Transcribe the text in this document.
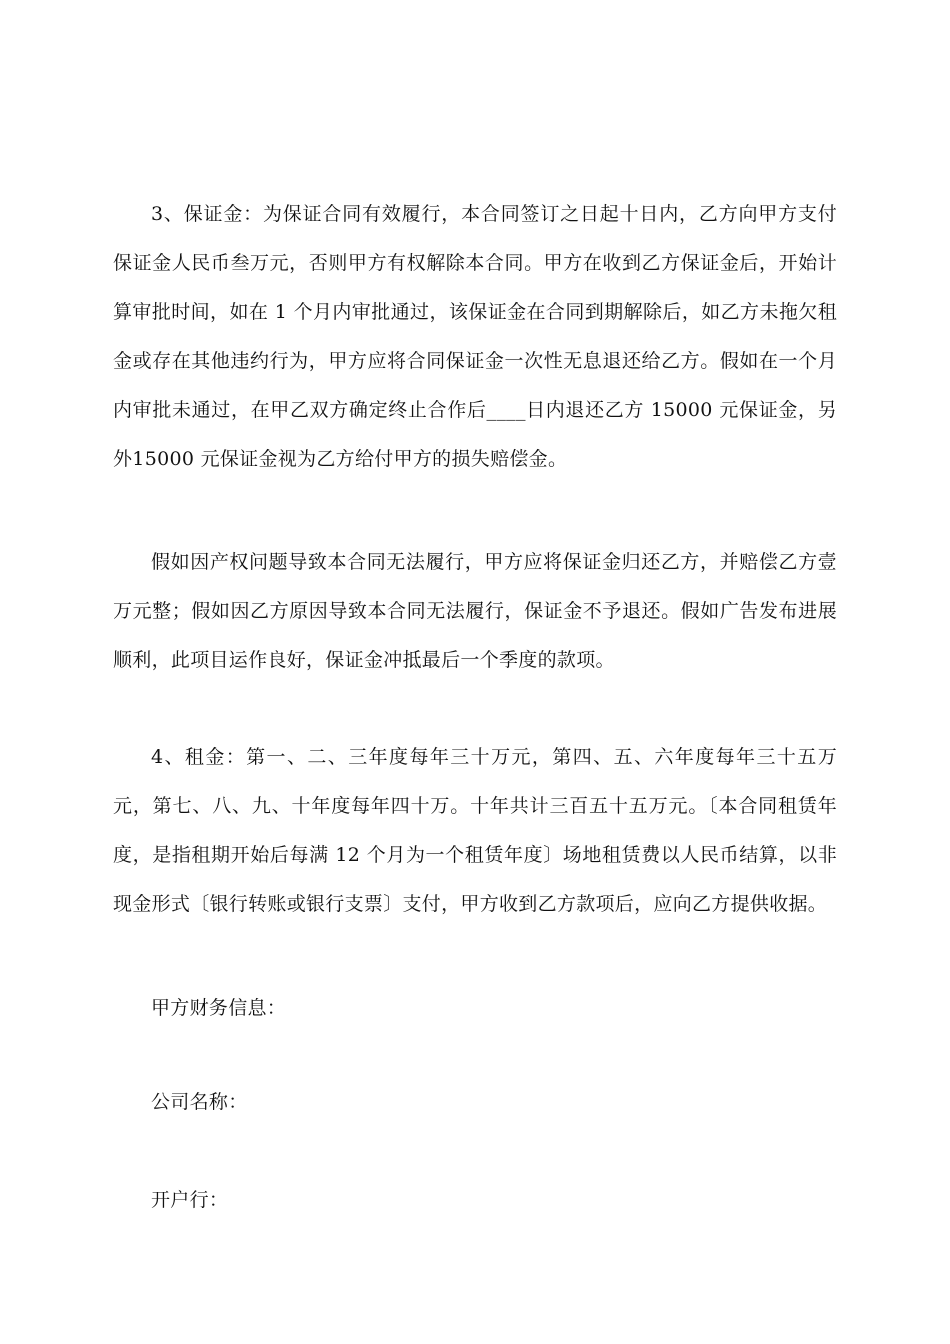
3、保证金：为保证合同有效履行，本合同签订之日起十日内，乙方向甲方支付保证金人民币叁万元，否则甲方有权解除本合同。甲方在收到乙方保证金后，开始计算审批时间，如在 1 个月内审批通过，该保证金在合同到期解除后，如乙方未拖欠租金或存在其他违约行为，甲方应将合同保证金一次性无息退还给乙方。假如在一个月内审批未通过，在甲乙双方确定终止合作后____日内退还乙方 15000 元保证金，另外15000 元保证金视为乙方给付甲方的损失赔偿金。

假如因产权问题导致本合同无法履行，甲方应将保证金归还乙方，并赔偿乙方壹万元整；假如因乙方原因导致本合同无法履行，保证金不予退还。假如广告发布进展顺利，此项目运作良好，保证金冲抵最后一个季度的款项。

4、租金：第一、二、三年度每年三十万元，第四、五、六年度每年三十五万元，第七、八、九、十年度每年四十万。十年共计三百五十五万元。〔本合同租赁年度，是指租期开始后每满 12 个月为一个租赁年度〕场地租赁费以人民币结算，以非现金形式〔银行转账或银行支票〕支付，甲方收到乙方款项后，应向乙方提供收据。

甲方财务信息：

公司名称：

开户行：
